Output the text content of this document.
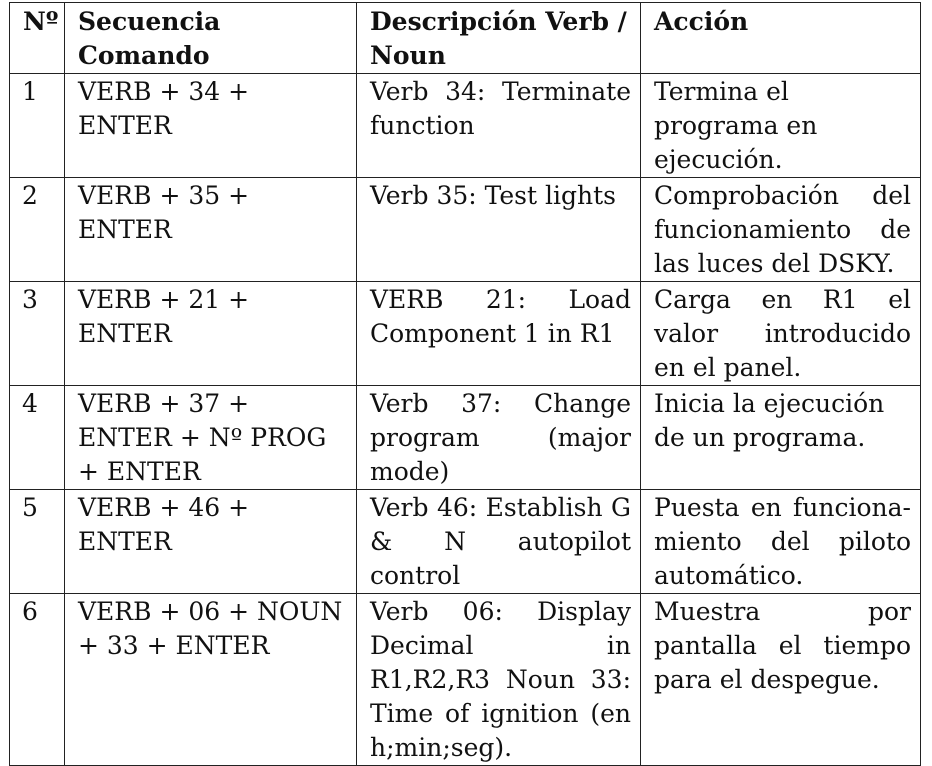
Nº	Secuencia Comando	Descripción Verb / Noun	Acción
1	VERB + 34 + ENTER	Verb 34: Terminate function	Termina el programa en ejecución.
2	VERB + 35 + ENTER	Verb 35: Test lights	Comprobación del funcionamiento de las luces del DSKY.
3	VERB + 21 + ENTER	VERB 21: Load Component 1 in R1	Carga en R1 el valor introducido en el panel.
4	VERB + 37 + ENTER + Nº PROG + ENTER	Verb 37: Change program (major mode)	Inicia la ejecución de un programa.
5	VERB + 46 + ENTER	Verb 46: Establish G & N autopilot control	Puesta en funcionamiento del piloto automático.
6	VERB + 06 + NOUN + 33 + ENTER	Verb 06: Display Decimal in R1,R2,R3 Noun 33: Time of ignition (en h;min;seg).	Muestra por pantalla el tiempo para el despegue.
